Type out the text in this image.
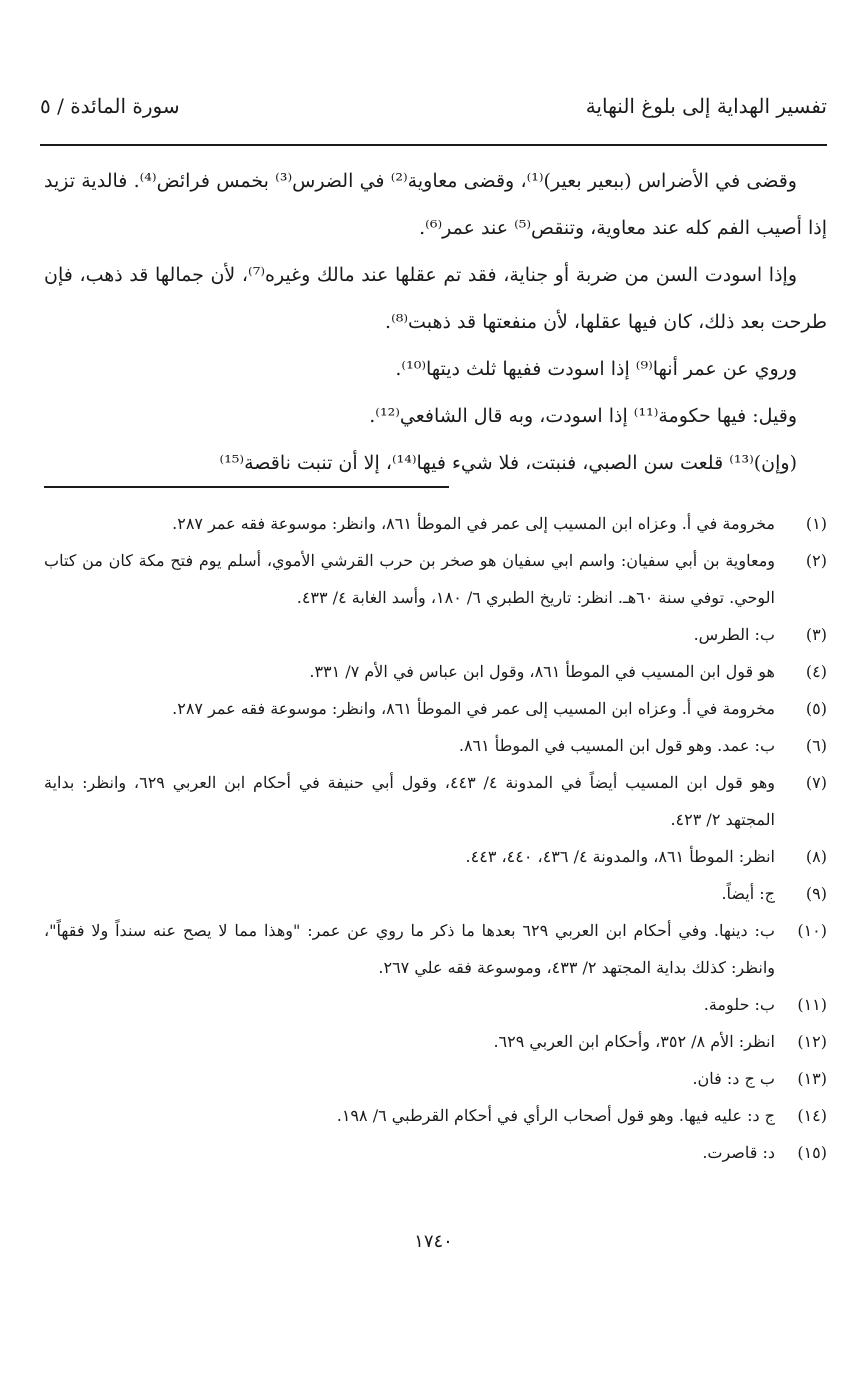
تفسير الهداية إلى بلوغ النهاية
سورة المائدة / ٥

وقضى في الأضراس (ببعير بعير)⁽¹⁾، وقضى معاوية⁽²⁾ في الضرس⁽³⁾ بخمس فرائض⁽⁴⁾. فالدية تزيد إذا أصيب الفم كله عند معاوية، وتنقص⁽⁵⁾ عند عمر⁽⁶⁾.

وإذا اسودت السن من ضربة أو جناية، فقد تم عقلها عند مالك وغيره⁽⁷⁾، لأن جمالها قد ذهب، فإن طرحت بعد ذلك، كان فيها عقلها، لأن منفعتها قد ذهبت⁽⁸⁾.

وروي عن عمر أنها⁽⁹⁾ إذا اسودت ففيها ثلث ديتها⁽¹⁰⁾.

وقيل: فيها حكومة⁽¹¹⁾ إذا اسودت، وبه قال الشافعي⁽¹²⁾.

(وإن)⁽¹³⁾ قلعت سن الصبي، فنبتت، فلا شيء فيها⁽¹⁴⁾، إلا أن تنبت ناقصة⁽¹⁵⁾

(١)
مخرومة في أ. وعزاه ابن المسيب إلى عمر في الموطأ ٨٦١، وانظر: موسوعة فقه عمر ٢٨٧.
(٢)
ومعاوية بن أبي سفيان: واسم ابي سفيان هو صخر بن حرب القرشي الأموي، أسلم يوم فتح مكة كان من كتاب الوحي. توفي سنة ٦٠هـ. انظر: تاريخ الطبري ٦/ ١٨٠، وأسد الغابة ٤/ ٤٣٣.
(٣)
ب: الطرس.
(٤)
هو قول ابن المسيب في الموطأ ٨٦١، وقول ابن عباس في الأم ٧/ ٣٣١.
(٥)
مخرومة في أ. وعزاه ابن المسيب إلى عمر في الموطأ ٨٦١، وانظر: موسوعة فقه عمر ٢٨٧.
(٦)
ب: عمد. وهو قول ابن المسيب في الموطأ ٨٦١.
(٧)
وهو قول ابن المسيب أيضاً في المدونة ٤/ ٤٤٣، وقول أبي حنيفة في أحكام ابن العربي ٦٢٩، وانظر: بداية المجتهد ٢/ ٤٢٣.
(٨)
انظر: الموطأ ٨٦١، والمدونة ٤/ ٤٣٦، ٤٤٠، ٤٤٣.
(٩)
ج: أيضاً.
(١٠)
ب: دينها. وفي أحكام ابن العربي ٦٢٩ بعدها ما ذكر ما روي عن عمر: "وهذا مما لا يصح عنه سنداً ولا فقهاً"، وانظر: كذلك بداية المجتهد ٢/ ٤٣٣، وموسوعة فقه علي ٢٦٧.
(١١)
ب: حلومة.
(١٢)
انظر: الأم ٨/ ٣٥٢، وأحكام ابن العربي ٦٢٩.
(١٣)
ب ج د: فان.
(١٤)
ج د: عليه فيها. وهو قول أصحاب الرأي في أحكام القرطبي ٦/ ١٩٨.
(١٥)
د: قاصرت.
١٧٤٠
